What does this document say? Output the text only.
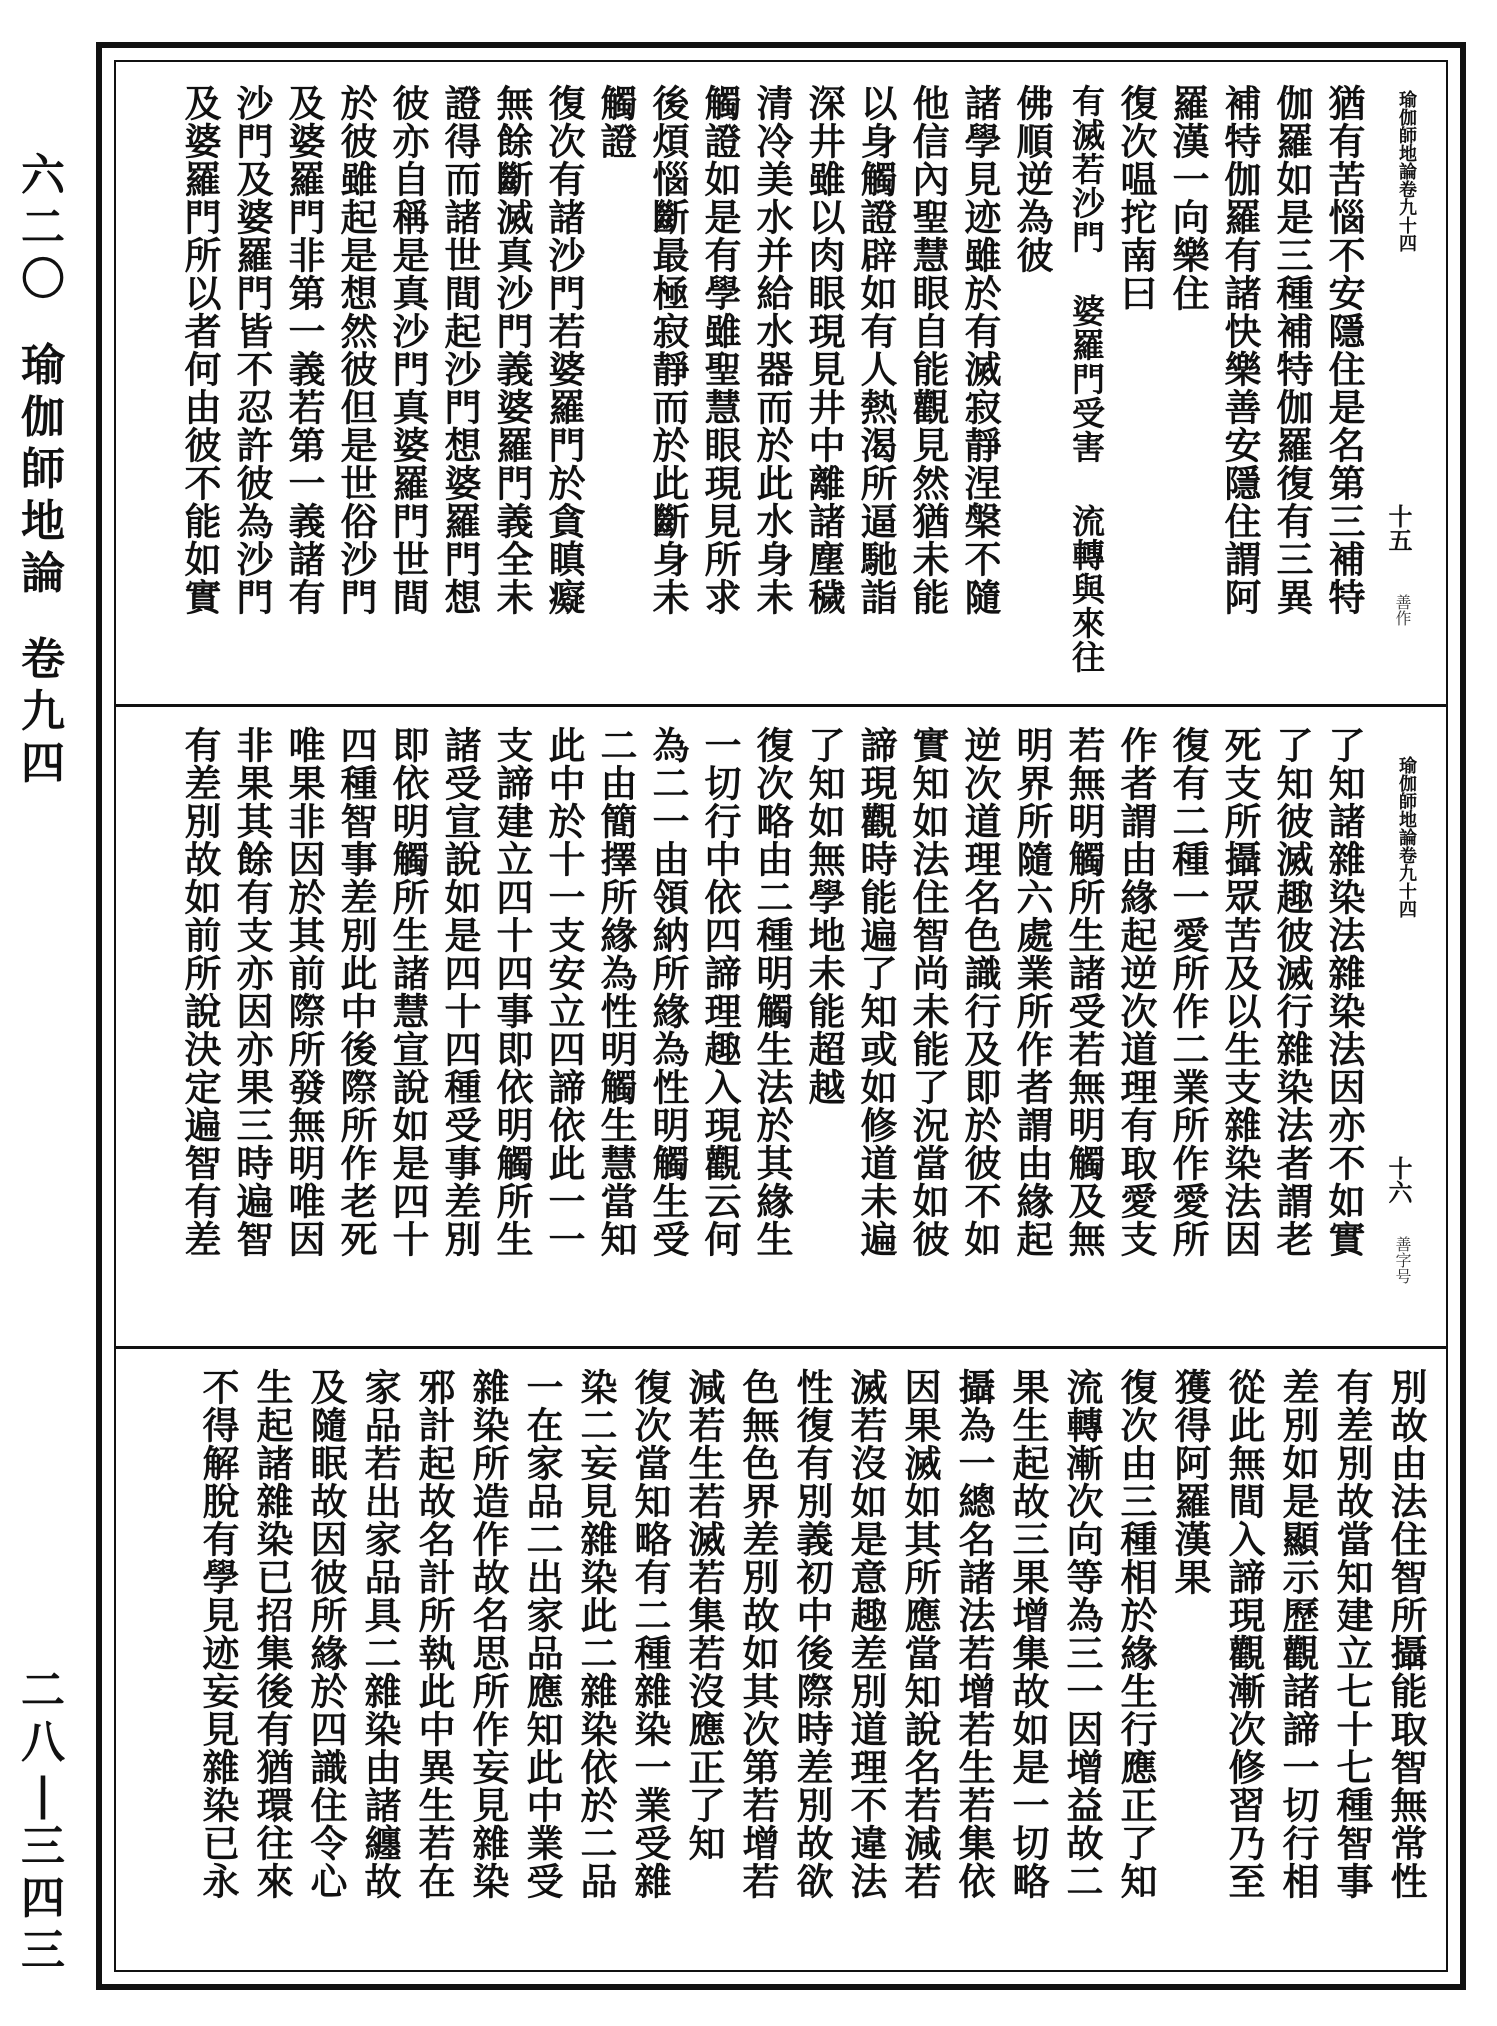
六
二
〇
瑜
伽
師
地
論
卷
九
四
二
八
|
三
四
三
瑜伽師地論卷九十四
十五
善作
猶有苦惱不安隱住是名第三補特
伽羅如是三種補特伽羅復有三異
補特伽羅有諸快樂善安隱住謂阿
羅漢一向樂住
復次嗢拕南曰
有滅若沙門 婆羅門受害 流轉與來往
佛順逆為彼
諸學見迹雖於有滅寂靜涅槃不隨
他信內聖慧眼自能觀見然猶未能
以身觸證辟如有人熱渴所逼馳詣
深井雖以肉眼現見井中離諸塵穢
清冷美水并給水器而於此水身未
觸證如是有學雖聖慧眼現見所求
後煩惱斷最極寂靜而於此斷身未
觸證
復次有諸沙門若婆羅門於貪瞋癡
無餘斷滅真沙門義婆羅門義全未
證得而諸世間起沙門想婆羅門想
彼亦自稱是真沙門真婆羅門世間
於彼雖起是想然彼但是世俗沙門
及婆羅門非第一義若第一義諸有
沙門及婆羅門皆不忍許彼為沙門
及婆羅門所以者何由彼不能如實
瑜伽師地論卷九十四
十六
善字号
了知諸雜染法雜染法因亦不如實
了知彼滅趣彼滅行雜染法者謂老
死支所攝眾苦及以生支雜染法因
復有二種一愛所作二業所作愛所
作者謂由緣起逆次道理有取愛支
若無明觸所生諸受若無明觸及無
明界所隨六處業所作者謂由緣起
逆次道理名色識行及即於彼不如
實知如法住智尚未能了況當如彼
諦現觀時能遍了知或如修道未遍
了知如無學地未能超越
復次略由二種明觸生法於其緣生
一切行中依四諦理趣入現觀云何
為二一由領納所緣為性明觸生受
二由簡擇所緣為性明觸生慧當知
此中於十一支安立四諦依此一一
支諦建立四十四事即依明觸所生
諸受宣說如是四十四種受事差別
即依明觸所生諸慧宣說如是四十
四種智事差別此中後際所作老死
唯果非因於其前際所發無明唯因
非果其餘有支亦因亦果三時遍智
有差別故如前所說決定遍智有差
別故由法住智所攝能取智無常性
有差別故當知建立七十七種智事
差別如是顯示歷觀諸諦一切行相
從此無間入諦現觀漸次修習乃至
獲得阿羅漢果
復次由三種相於緣生行應正了知
流轉漸次向等為三一因增益故二
果生起故三果增集故如是一切略
攝為一總名諸法若增若生若集依
因果滅如其所應當知說名若減若
滅若沒如是意趣差別道理不違法
性復有別義初中後際時差別故欲
色無色界差別故如其次第若增若
減若生若滅若集若沒應正了知
復次當知略有二種雜染一業受雜
染二妄見雜染此二雜染依於二品
一在家品二出家品應知此中業受
雜染所造作故名思所作妄見雜染
邪計起故名計所執此中異生若在
家品若出家品具二雜染由諸纏故
及隨眠故因彼所緣於四識住令心
生起諸雜染已招集後有猶環往來
不得解脫有學見迹妄見雜染已永
